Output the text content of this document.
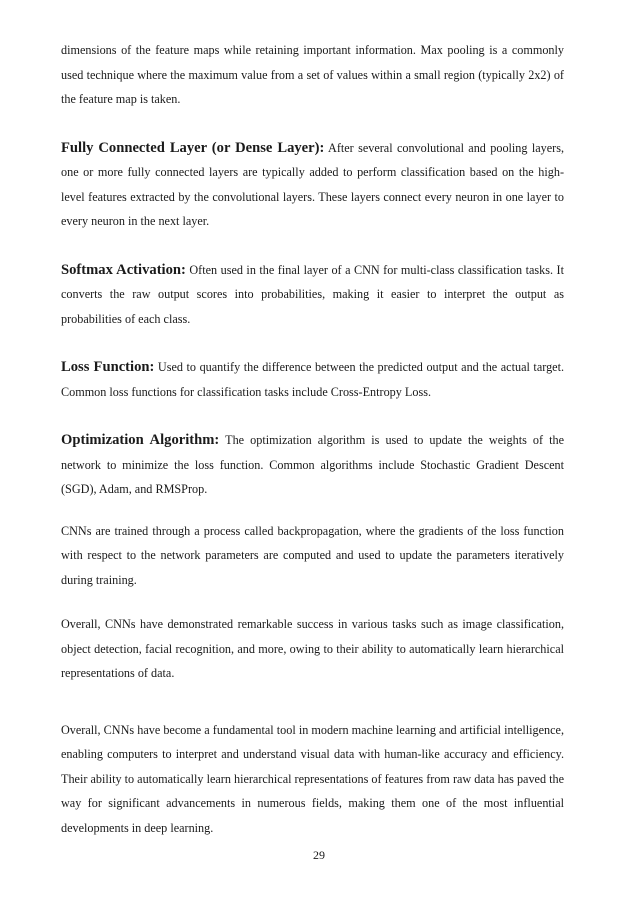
dimensions of the feature maps while retaining important information. Max pooling is a commonly used technique where the maximum value from a set of values within a small region (typically 2x2) of the feature map is taken.

Fully Connected Layer (or Dense Layer): After several convolutional and pooling layers, one or more fully connected layers are typically added to perform classification based on the high-level features extracted by the convolutional layers. These layers connect every neuron in one layer to every neuron in the next layer.

Softmax Activation: Often used in the final layer of a CNN for multi-class classification tasks. It converts the raw output scores into probabilities, making it easier to interpret the output as probabilities of each class.

Loss Function: Used to quantify the difference between the predicted output and the actual target. Common loss functions for classification tasks include Cross-Entropy Loss.

Optimization Algorithm: The optimization algorithm is used to update the weights of the network to minimize the loss function. Common algorithms include Stochastic Gradient Descent (SGD), Adam, and RMSProp.

CNNs are trained through a process called backpropagation, where the gradients of the loss function with respect to the network parameters are computed and used to update the parameters iteratively during training.

Overall, CNNs have demonstrated remarkable success in various tasks such as image classification, object detection, facial recognition, and more, owing to their ability to automatically learn hierarchical representations of data.

Overall, CNNs have become a fundamental tool in modern machine learning and artificial intelligence, enabling computers to interpret and understand visual data with human-like accuracy and efficiency. Their ability to automatically learn hierarchical representations of features from raw data has paved the way for significant advancements in numerous fields, making them one of the most influential developments in deep learning.

29
